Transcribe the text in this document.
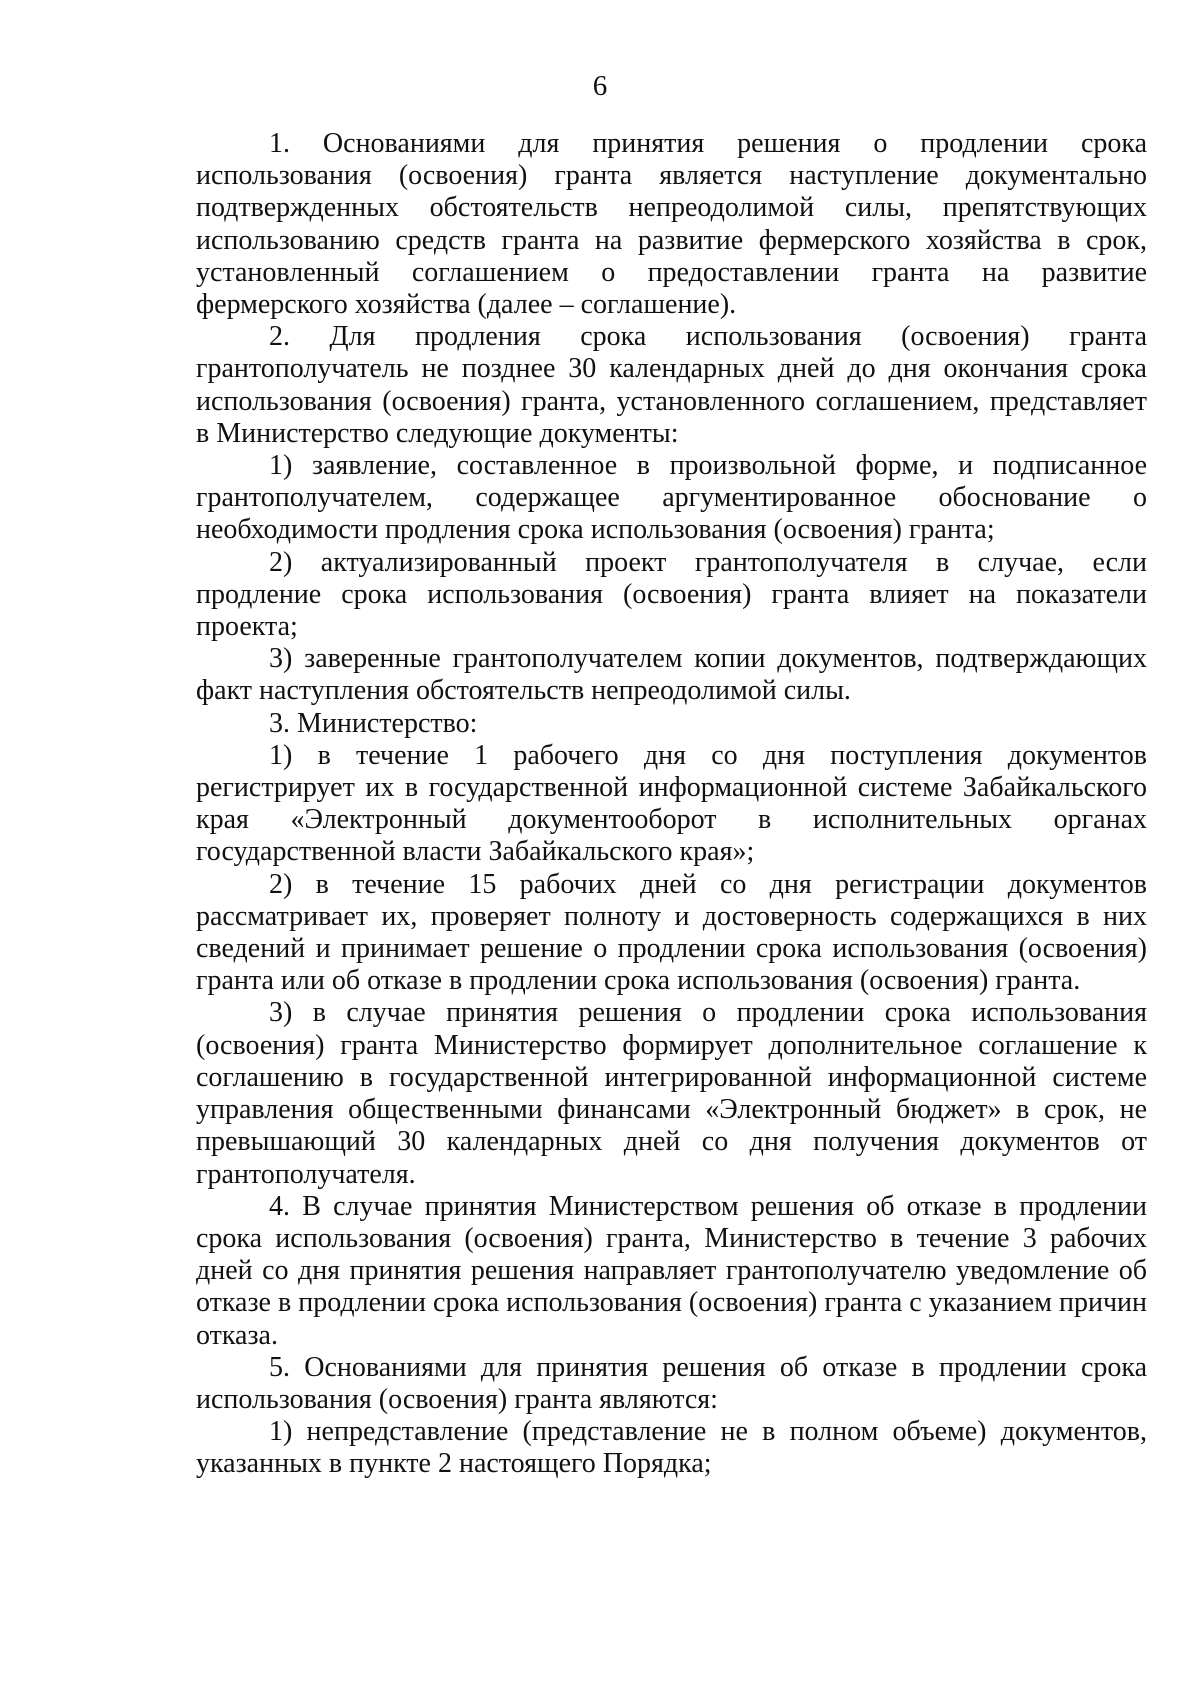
6

1. Основаниями для принятия решения о продлении срока использования (освоения) гранта является наступление документально подтвержденных обстоятельств непреодолимой силы, препятствующих использованию средств гранта на развитие фермерского хозяйства в срок, установленный соглашением о предоставлении гранта на развитие фермерского хозяйства (далее – соглашение).

2. Для продления срока использования (освоения) гранта грантополучатель не позднее 30 календарных дней до дня окончания срока использования (освоения) гранта, установленного соглашением, представляет в Министерство следующие документы:

1) заявление, составленное в произвольной форме, и подписанное грантополучателем, содержащее аргументированное обоснование о необходимости продления срока использования (освоения) гранта;

2) актуализированный проект грантополучателя в случае, если продление срока использования (освоения) гранта влияет на показатели проекта;

3) заверенные грантополучателем копии документов, подтверждающих факт наступления обстоятельств непреодолимой силы.

3. Министерство:

1) в течение 1 рабочего дня со дня поступления документов регистрирует их в государственной информационной системе Забайкальского края «Электронный документооборот в исполнительных органах государственной власти Забайкальского края»;

2) в течение 15 рабочих дней со дня регистрации документов рассматривает их, проверяет полноту и достоверность содержащихся в них сведений и принимает решение о продлении срока использования (освоения) гранта или об отказе в продлении срока использования (освоения) гранта.

3) в случае принятия решения о продлении срока использования (освоения) гранта Министерство формирует дополнительное соглашение к соглашению в государственной интегрированной информационной системе управления общественными финансами «Электронный бюджет» в срок, не превышающий 30 календарных дней со дня получения документов от грантополучателя.

4. В случае принятия Министерством решения об отказе в продлении срока использования (освоения) гранта, Министерство в течение 3 рабочих дней со дня принятия решения направляет грантополучателю уведомление об отказе в продлении срока использования (освоения) гранта с указанием причин отказа.

5. Основаниями для принятия решения об отказе в продлении срока использования (освоения) гранта являются:

1) непредставление (представление не в полном объеме) документов, указанных в пункте 2 настоящего Порядка;
